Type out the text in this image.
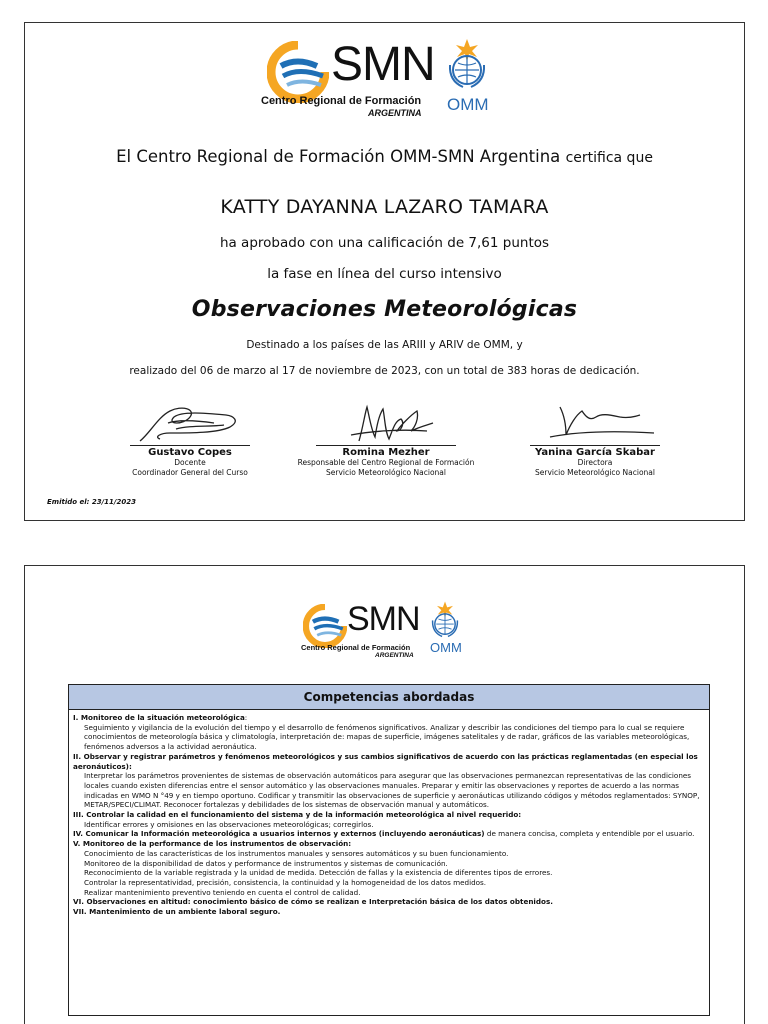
SMN
Centro Regional de Formación
ARGENTINA OMM
El Centro Regional de Formación OMM-SMN Argentina certifica que
KATTY DAYANNA LAZARO TAMARA
ha aprobado con una calificación de 7,61 puntos
la fase en línea del curso intensivo
Observaciones Meteorológicas
Destinado a los países de las ARIII y ARIV de OMM, y
realizado del 06 de marzo al 17 de noviembre de 2023, con un total de 383 horas de dedicación.
Gustavo Copes
Docente
Coordinador General del Curso
Romina Mezher
Responsable del Centro Regional de Formación
Servicio Meteorológico Nacional
Yanina García Skabar
Directora
Servicio Meteorológico Nacional
Emitido el: 23/11/2023
SMN
Centro Regional de Formación
ARGENTINA
OMM
Competencias abordadas
I. Monitoreo de la situación meteorológica:
Seguimiento y vigilancia de la evolución del tiempo y el desarrollo de fenómenos significativos. Analizar y describir las condiciones del tiempo para lo cual se requiere conocimientos de meteorología básica y climatología, interpretación de: mapas de superficie, imágenes satelitales y de radar, gráficos de las variables meteorológicas, fenómenos adversos a la actividad aeronáutica.
II. Observar y registrar parámetros y fenómenos meteorológicos y sus cambios significativos de acuerdo con las prácticas reglamentadas (en especial los aeronáuticos):
Interpretar los parámetros provenientes de sistemas de observación automáticos para asegurar que las observaciones permanezcan representativas de las condiciones locales cuando existen diferencias entre el sensor automático y las observaciones manuales. Preparar y emitir las observaciones y reportes de acuerdo a las normas indicadas en WMO N °49 y en tiempo oportuno. Codificar y transmitir las observaciones de superficie y aeronáuticas utilizando códigos y métodos reglamentados: SYNOP, METAR/SPECI/CLIMAT. Reconocer fortalezas y debilidades de los sistemas de observación manual y automáticos.
III. Controlar la calidad en el funcionamiento del sistema y de la información meteorológica al nivel requerido:
Identificar errores y omisiones en las observaciones meteorológicas; corregirlos.
IV. Comunicar la Información meteorológica a usuarios internos y externos (incluyendo aeronáuticas) de manera concisa, completa y entendible por el usuario.
V. Monitoreo de la performance de los instrumentos de observación:
Conocimiento de las características de los instrumentos manuales y sensores automáticos y su buen funcionamiento.
Monitoreo de la disponibilidad de datos y performance de instrumentos y sistemas de comunicación.
Reconocimiento de la variable registrada y la unidad de medida. Detección de fallas y la existencia de diferentes tipos de errores.
Controlar la representatividad, precisión, consistencia, la continuidad y la homogeneidad de los datos medidos.
Realizar mantenimiento preventivo teniendo en cuenta el control de calidad.
VI. Observaciones en altitud: conocimiento básico de cómo se realizan e Interpretación básica de los datos obtenidos.
VII. Mantenimiento de un ambiente laboral seguro.
